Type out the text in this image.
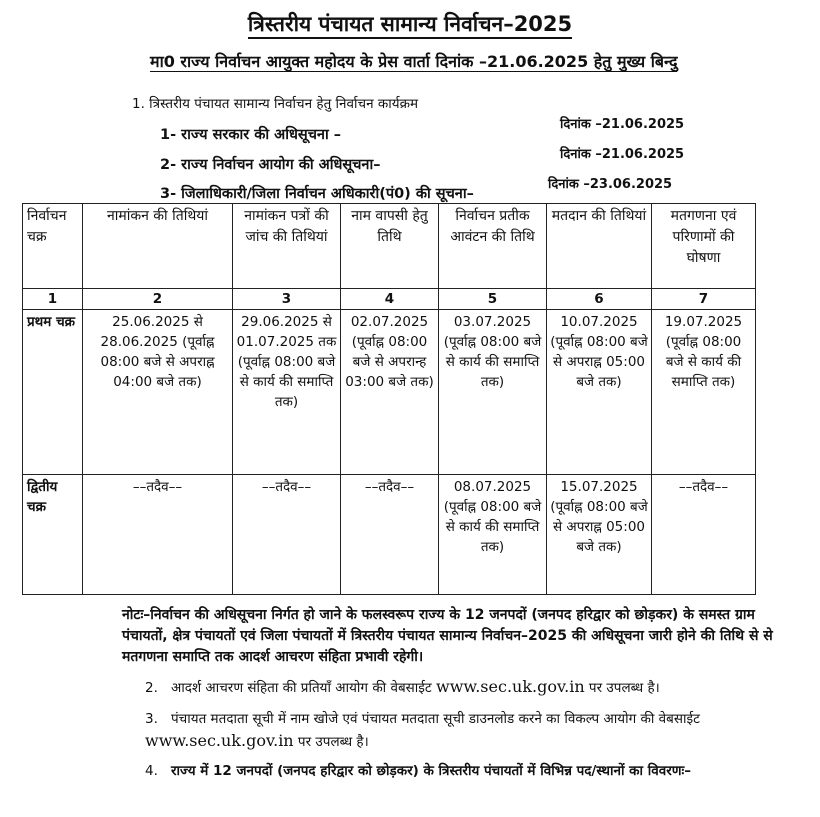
त्रिस्तरीय पंचायत सामान्य निर्वाचन–2025
मा0 राज्य निर्वाचन आयुक्त महोदय के प्रेस वार्ता दिनांक –21.06.2025 हेतु मुख्य बिन्दु
1. त्रिस्तरीय पंचायत सामान्य निर्वाचन हेतु निर्वाचन कार्यक्रम
1- राज्य सरकार की अधिसूचना –
दिनांक –21.06.2025
2- राज्य निर्वाचन आयोग की अधिसूचना–
दिनांक –21.06.2025
3- जिलाधिकारी/जिला निर्वाचन अधिकारी(पं0) की सूचना–
दिनांक –23.06.2025
निर्वाचन चक्र	नामांकन की तिथियां	नामांकन पत्रों की जांच की तिथियां	नाम वापसी हेतु तिथि	निर्वाचन प्रतीक आवंटन की तिथि	मतदान की तिथियां	मतगणना एवं परिणामों की घोषणा
1	2	3	4	5	6	7
प्रथम चक्र	25.06.2025 से 28.06.2025 (पूर्वाह्न 08:00 बजे से अपराह्न 04:00 बजे तक)	29.06.2025 से 01.07.2025 तक (पूर्वाह्न 08:00 बजे से कार्य की समाप्ति तक)	02.07.2025 (पूर्वाह्न 08:00 बजे से अपरान्ह 03:00 बजे तक)	03.07.2025 (पूर्वाह्न 08:00 बजे से कार्य की समाप्ति तक)	10.07.2025 (पूर्वाह्न 08:00 बजे से अपराह्न 05:00 बजे तक)	19.07.2025 (पूर्वाह्न 08:00 बजे से कार्य की समाप्ति तक)
द्वितीय चक्र	––तदैव––	––तदैव––	––तदैव––	08.07.2025 (पूर्वाह्न 08:00 बजे से कार्य की समाप्ति तक)	15.07.2025 (पूर्वाह्न 08:00 बजे से अपराह्न 05:00 बजे तक)	––तदैव––
नोटः–निर्वाचन की अधिसूचना निर्गत हो जाने के फलस्वरूप राज्य के 12 जनपदों (जनपद हरिद्वार को छोड़कर) के समस्त ग्राम पंचायतों, क्षेत्र पंचायतों एवं जिला पंचायतों में त्रिस्तरीय पंचायत सामान्य निर्वाचन–2025 की अधिसूचना जारी होने की तिथि से से मतगणना समाप्ति तक आदर्श आचरण संहिता प्रभावी रहेगी।
2. आदर्श आचरण संहिता की प्रतियाँ आयोग की वेबसाईट www.sec.uk.gov.in पर उपलब्ध है।
3. पंचायत मतदाता सूची में नाम खोजे एवं पंचायत मतदाता सूची डाउनलोड करने का विकल्प आयोग की वेबसाईट www.sec.uk.gov.in पर उपलब्ध है।
4. राज्य में 12 जनपदों (जनपद हरिद्वार को छोड़कर) के त्रिस्तरीय पंचायतों में विभिन्न पद/स्थानों का विवरणः–
